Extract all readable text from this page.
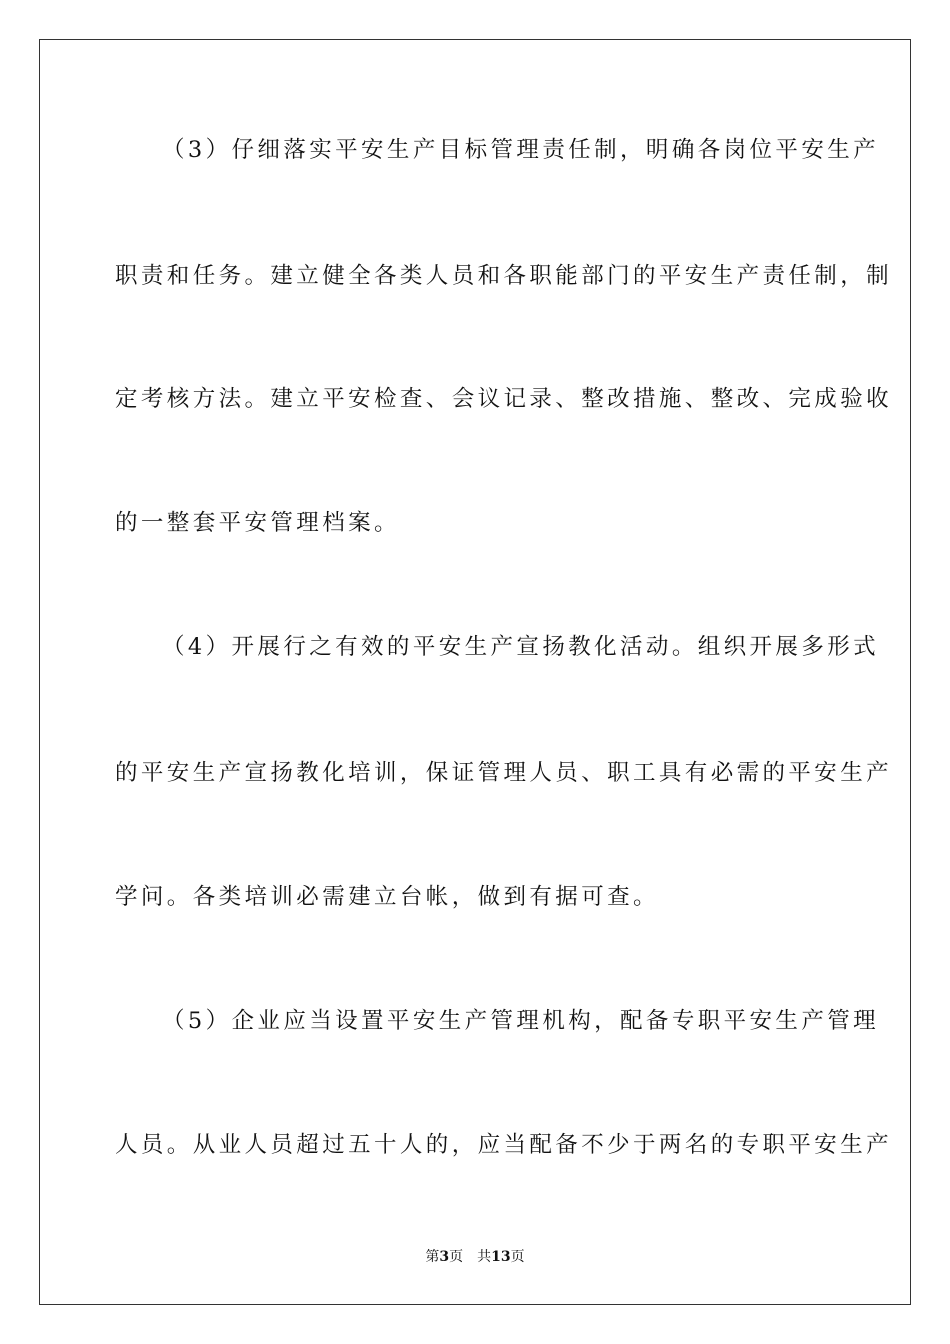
（3）仔细落实平安生产目标管理责任制，明确各岗位平安生产
职责和任务。建立健全各类人员和各职能部门的平安生产责任制，制
定考核方法。建立平安检查、会议记录、整改措施、整改、完成验收
的一整套平安管理档案。
（4）开展行之有效的平安生产宣扬教化活动。组织开展多形式
的平安生产宣扬教化培训，保证管理人员、职工具有必需的平安生产
学问。各类培训必需建立台帐，做到有据可查。
（5）企业应当设置平安生产管理机构，配备专职平安生产管理
人员。从业人员超过五十人的，应当配备不少于两名的专职平安生产
第3页 共13页
